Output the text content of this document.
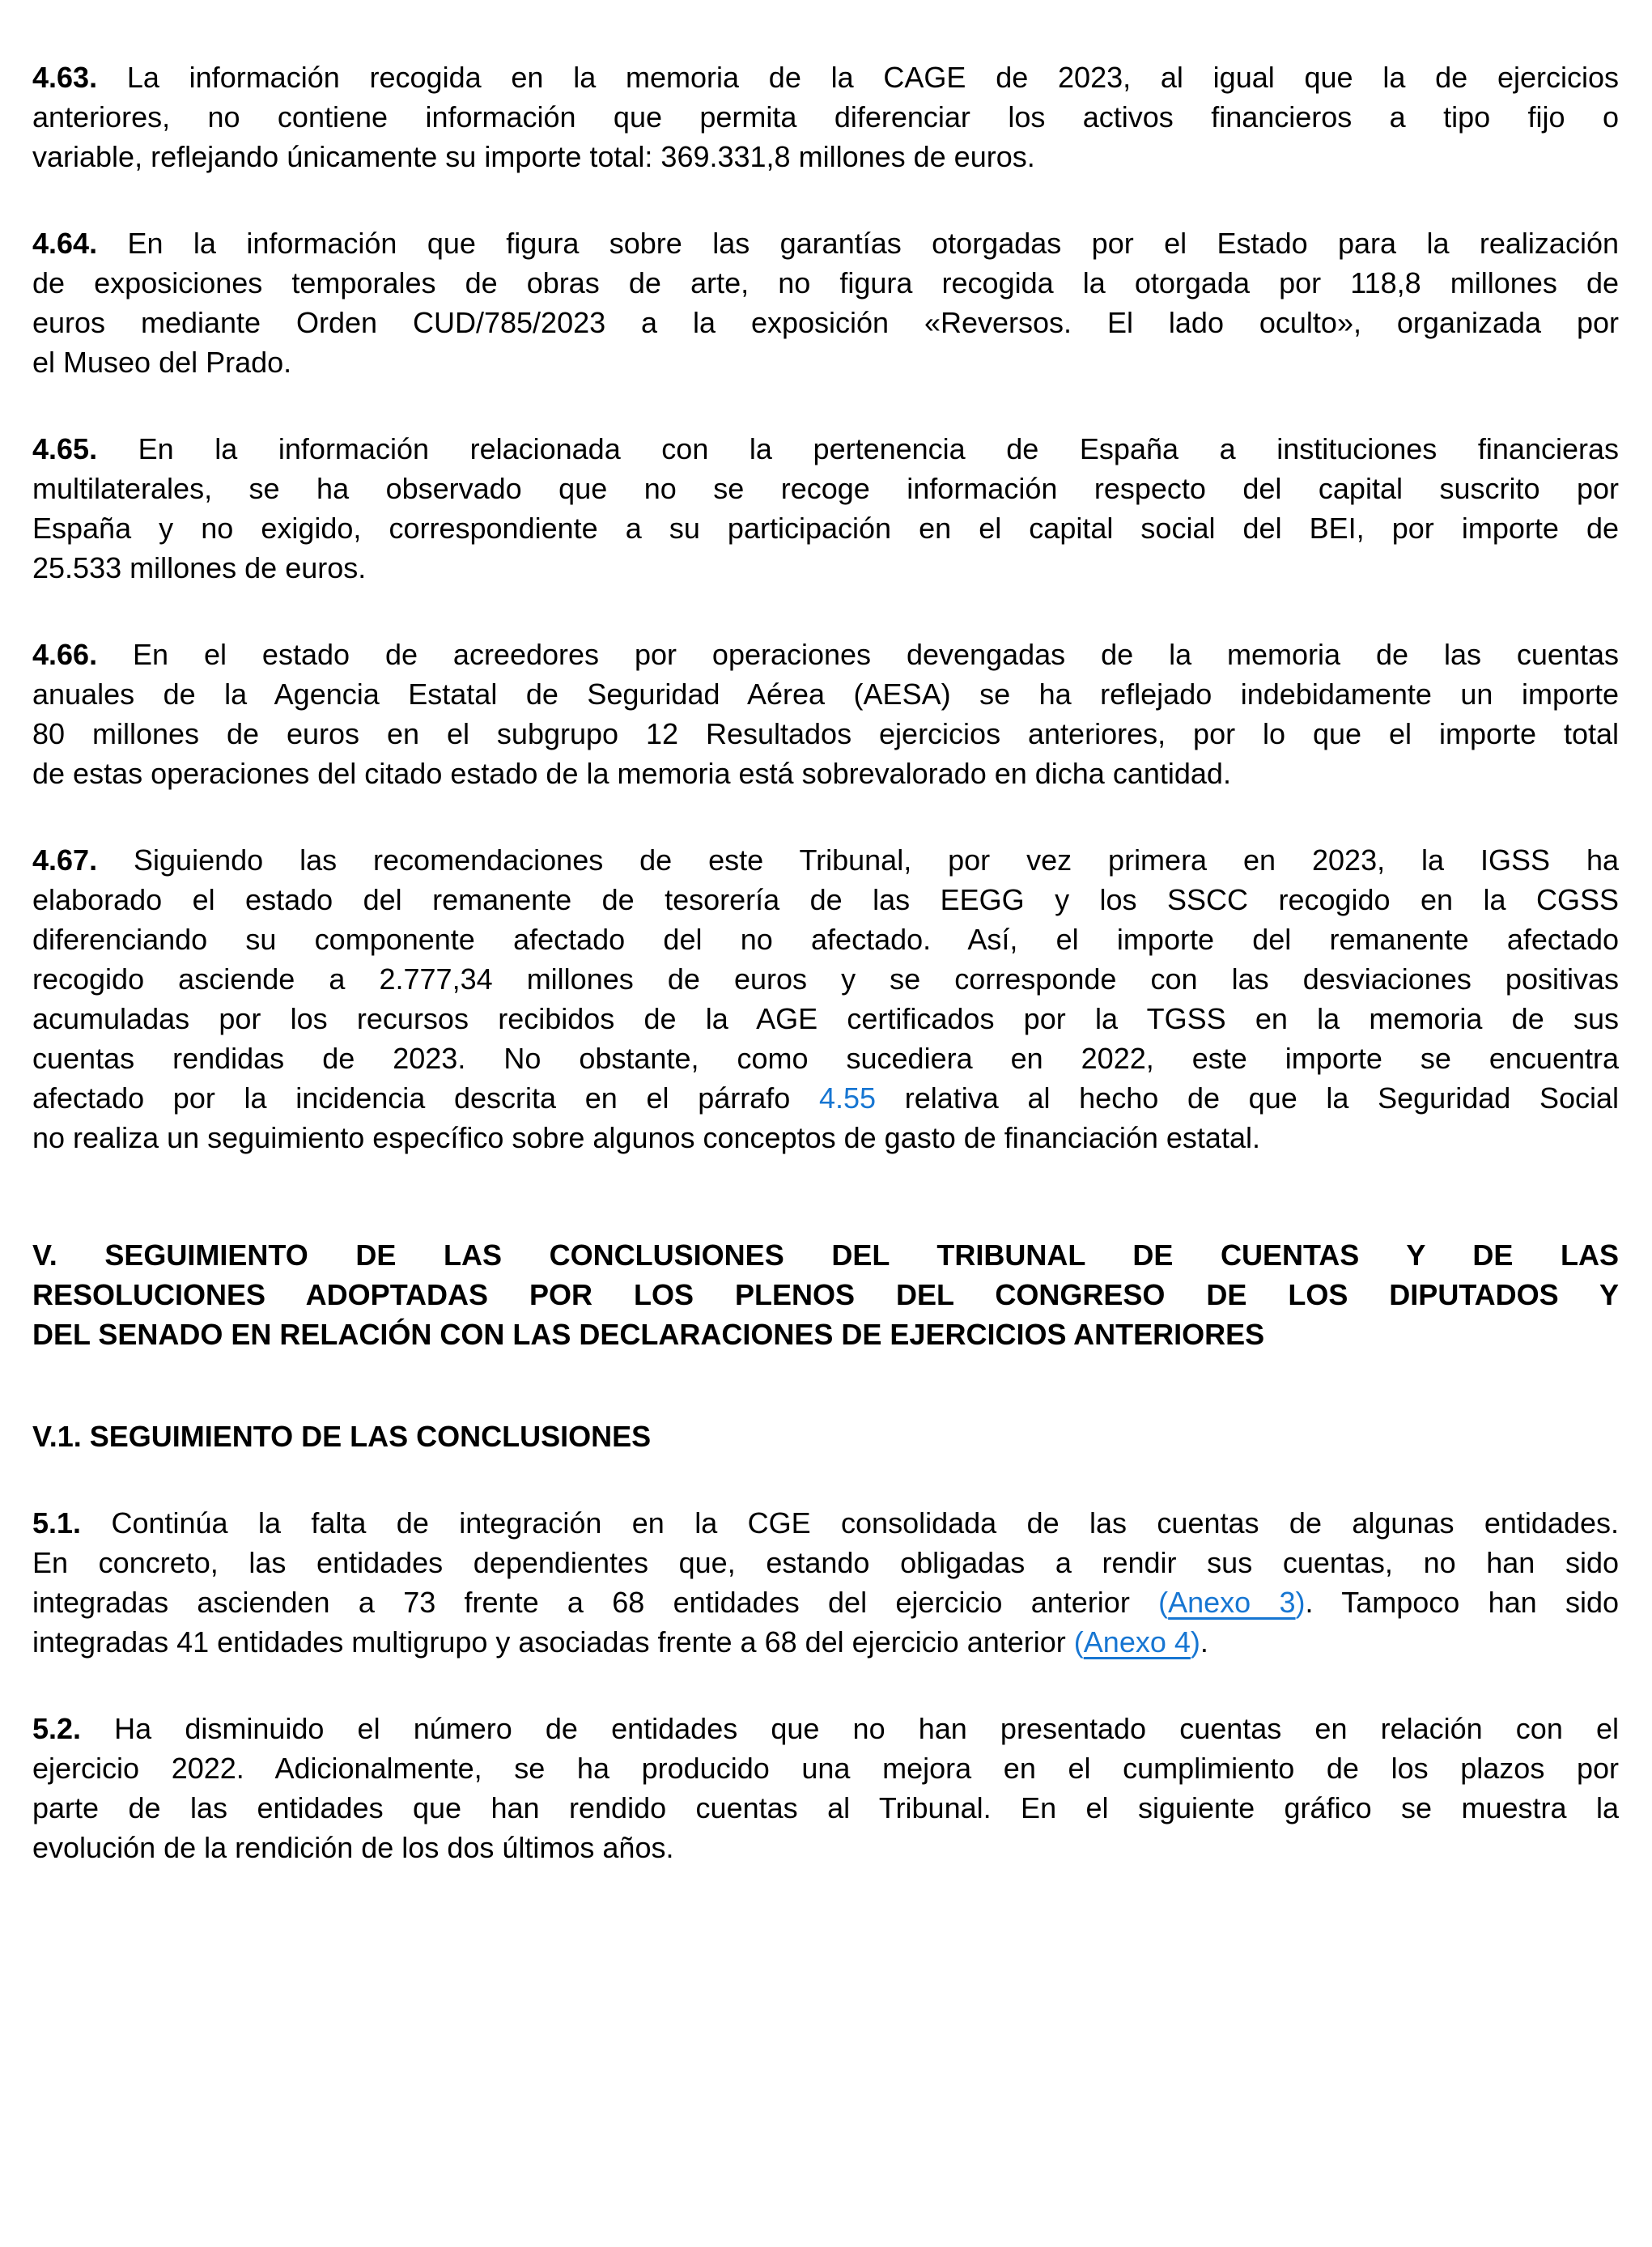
4.63. La información recogida en la memoria de la CAGE de 2023, al igual que la de ejercicios
anteriores, no contiene información que permita diferenciar los activos financieros a tipo fijo o
variable, reflejando únicamente su importe total: 369.331,8 millones de euros.
4.64. En la información que figura sobre las garantías otorgadas por el Estado para la realización
de exposiciones temporales de obras de arte, no figura recogida la otorgada por 118,8 millones de
euros mediante Orden CUD/785/2023 a la exposición «Reversos. El lado oculto», organizada por
el Museo del Prado.
4.65. En la información relacionada con la pertenencia de España a instituciones financieras
multilaterales, se ha observado que no se recoge información respecto del capital suscrito por
España y no exigido, correspondiente a su participación en el capital social del BEI, por importe de
25.533 millones de euros.
4.66. En el estado de acreedores por operaciones devengadas de la memoria de las cuentas
anuales de la Agencia Estatal de Seguridad Aérea (AESA) se ha reflejado indebidamente un importe
80 millones de euros en el subgrupo 12 Resultados ejercicios anteriores, por lo que el importe total
de estas operaciones del citado estado de la memoria está sobrevalorado en dicha cantidad.
4.67. Siguiendo las recomendaciones de este Tribunal, por vez primera en 2023, la IGSS ha
elaborado el estado del remanente de tesorería de las EEGG y los SSCC recogido en la CGSS
diferenciando su componente afectado del no afectado. Así, el importe del remanente afectado
recogido asciende a 2.777,34 millones de euros y se corresponde con las desviaciones positivas
acumuladas por los recursos recibidos de la AGE certificados por la TGSS en la memoria de sus
cuentas rendidas de 2023. No obstante, como sucediera en 2022, este importe se encuentra
afectado por la incidencia descrita en el párrafo 4.55 relativa al hecho de que la Seguridad Social
no realiza un seguimiento específico sobre algunos conceptos de gasto de financiación estatal.
V. SEGUIMIENTO DE LAS CONCLUSIONES DEL TRIBUNAL DE CUENTAS Y DE LAS
RESOLUCIONES ADOPTADAS POR LOS PLENOS DEL CONGRESO DE LOS DIPUTADOS Y
DEL SENADO EN RELACIÓN CON LAS DECLARACIONES DE EJERCICIOS ANTERIORES
V.1. SEGUIMIENTO DE LAS CONCLUSIONES
5.1. Continúa la falta de integración en la CGE consolidada de las cuentas de algunas entidades.
En concreto, las entidades dependientes que, estando obligadas a rendir sus cuentas, no han sido
integradas ascienden a 73 frente a 68 entidades del ejercicio anterior (Anexo 3). Tampoco han sido
integradas 41 entidades multigrupo y asociadas frente a 68 del ejercicio anterior (Anexo 4).
5.2. Ha disminuido el número de entidades que no han presentado cuentas en relación con el
ejercicio 2022. Adicionalmente, se ha producido una mejora en el cumplimiento de los plazos por
parte de las entidades que han rendido cuentas al Tribunal. En el siguiente gráfico se muestra la
evolución de la rendición de los dos últimos años.
